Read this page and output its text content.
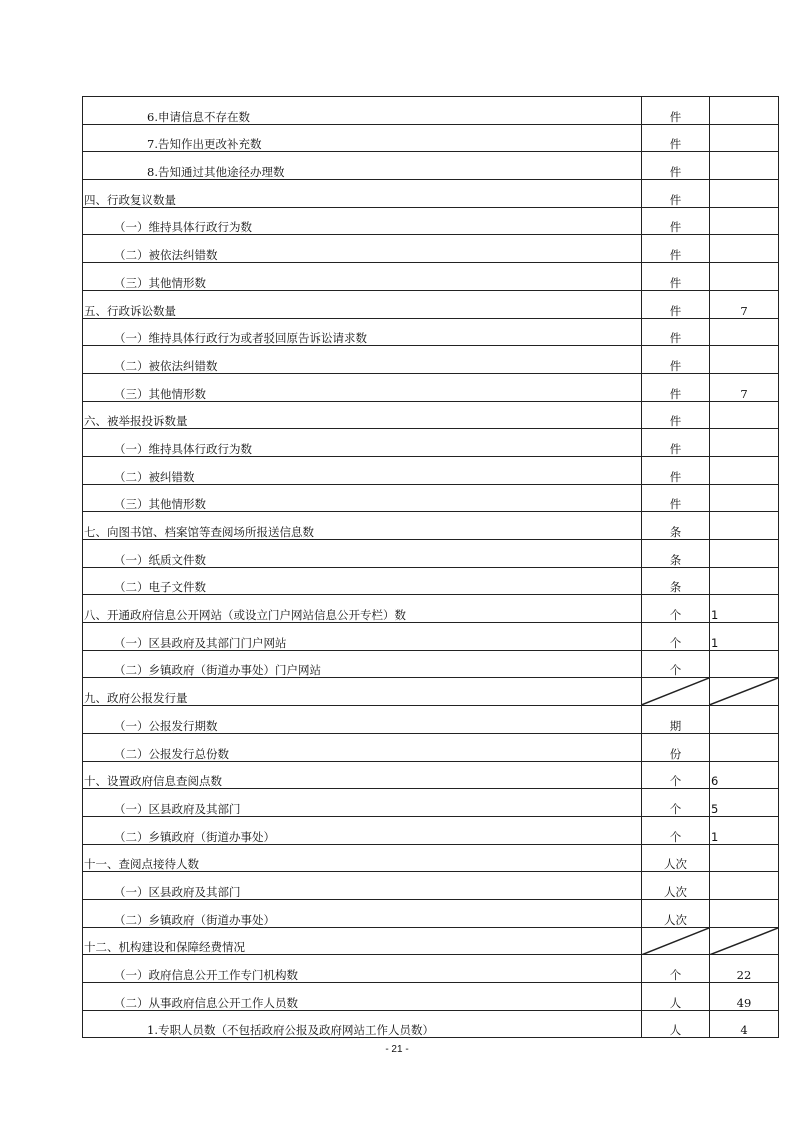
6.申请信息不存在数	件	
7.告知作出更改补充数	件	
8.告知通过其他途径办理数	件	
四、行政复议数量	件	
（一）维持具体行政行为数	件	
（二）被依法纠错数	件	
（三）其他情形数	件	
五、行政诉讼数量	件	7
（一）维持具体行政行为或者驳回原告诉讼请求数	件	
（二）被依法纠错数	件	
（三）其他情形数	件	7
六、被举报投诉数量	件	
（一）维持具体行政行为数	件	
（二）被纠错数	件	
（三）其他情形数	件	
七、向图书馆、档案馆等查阅场所报送信息数	条	
（一）纸质文件数	条	
（二）电子文件数	条	
八、开通政府信息公开网站（或设立门户网站信息公开专栏）数	个	1
（一）区县政府及其部门门户网站	个	1
（二）乡镇政府（街道办事处）门户网站	个	
九、政府公报发行量	

（一）公报发行期数	期	
（二）公报发行总份数	份	
十、设置政府信息查阅点数	个	6
（一）区县政府及其部门	个	5
（二）乡镇政府（街道办事处）	个	1
十一、查阅点接待人数	人次	
（一）区县政府及其部门	人次	
（二）乡镇政府（街道办事处）	人次	
十二、机构建设和保障经费情况	

（一）政府信息公开工作专门机构数	个	22
（二）从事政府信息公开工作人员数	人	49
1.专职人员数（不包括政府公报及政府网站工作人员数）	人	4
- 21 -
